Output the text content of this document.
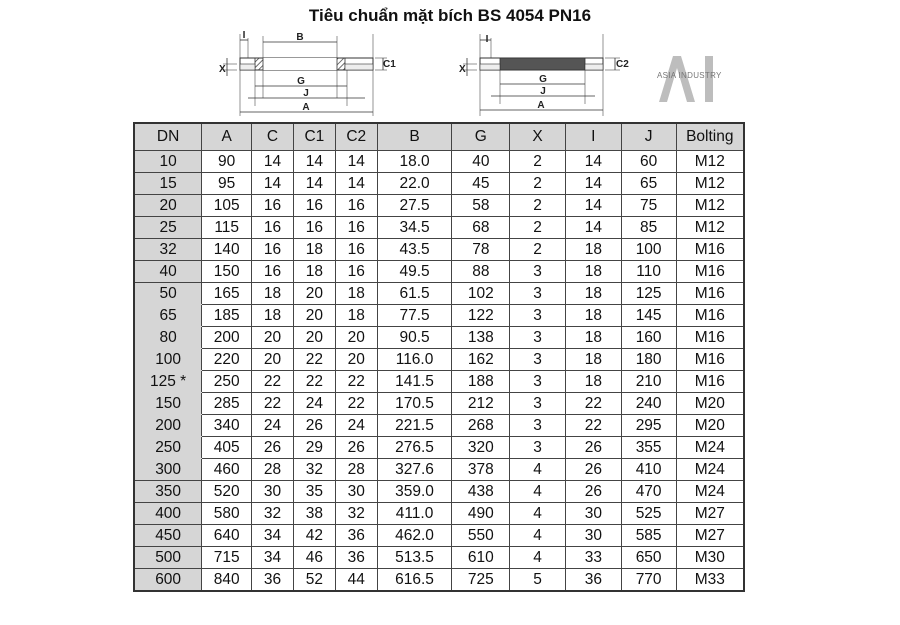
Tiêu chuẩn mặt bích BS 4054 PN16
I	B
X	C1
G
J
A
I
X	C2
G
J
A
ASIA INDUSTRY
DN	A	C	C1	C2	B	G	X	I	J	Bolting
10	90	14	14	14	18.0	40	2	14	60	M12
15	95	14	14	14	22.0	45	2	14	65	M12
20	105	16	16	16	27.5	58	2	14	75	M12
25	115	16	16	16	34.5	68	2	14	85	M12
32	140	16	18	16	43.5	78	2	18	100	M16
40	150	16	18	16	49.5	88	3	18	110	M16
50	165	18	20	18	61.5	102	3	18	125	M16
65	185	18	20	18	77.5	122	3	18	145	M16
80	200	20	20	20	90.5	138	3	18	160	M16
100	220	20	22	20	116.0	162	3	18	180	M16
125 *	250	22	22	22	141.5	188	3	18	210	M16
150	285	22	24	22	170.5	212	3	22	240	M20
200	340	24	26	24	221.5	268	3	22	295	M20
250	405	26	29	26	276.5	320	3	26	355	M24
300	460	28	32	28	327.6	378	4	26	410	M24
350	520	30	35	30	359.0	438	4	26	470	M24
400	580	32	38	32	411.0	490	4	30	525	M27
450	640	34	42	36	462.0	550	4	30	585	M27
500	715	34	46	36	513.5	610	4	33	650	M30
600	840	36	52	44	616.5	725	5	36	770	M33
